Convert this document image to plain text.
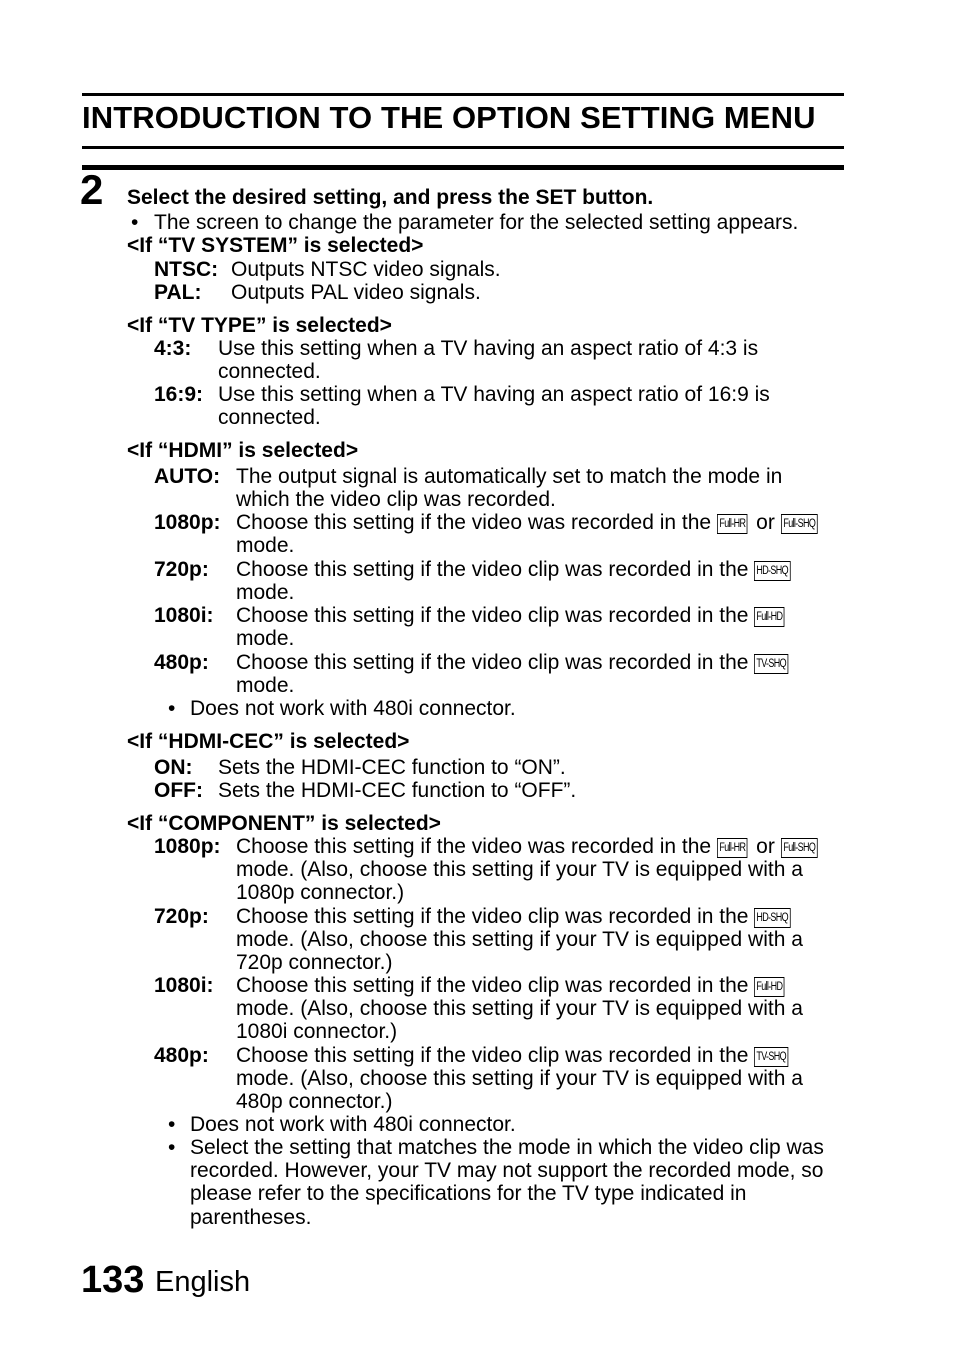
INTRODUCTION TO THE OPTION SETTING MENU
2 Select the desired setting, and press the SET button.
• The screen to change the parameter for the selected setting appears.
<If “TV SYSTEM” is selected>
NTSC: Outputs NTSC video signals.
PAL: Outputs PAL video signals.
<If “TV TYPE” is selected>
4:3: Use this setting when a TV having an aspect ratio of 4:3 is connected.
16:9: Use this setting when a TV having an aspect ratio of 16:9 is connected.
<If “HDMI” is selected>
AUTO: The output signal is automatically set to match the mode in which the video clip was recorded.
1080p: Choose this setting if the video was recorded in the Full-HR or Full-SHQ mode.
720p: Choose this setting if the video clip was recorded in the HD-SHQ mode.
1080i: Choose this setting if the video clip was recorded in the Full-HD mode.
480p: Choose this setting if the video clip was recorded in the TV-SHQ mode.
• Does not work with 480i connector.
<If “HDMI-CEC” is selected>
ON: Sets the HDMI-CEC function to “ON”.
OFF: Sets the HDMI-CEC function to “OFF”.
<If “COMPONENT” is selected>
1080p: Choose this setting if the video was recorded in the Full-HR or Full-SHQ mode. (Also, choose this setting if your TV is equipped with a 1080p connector.)
720p: Choose this setting if the video clip was recorded in the HD-SHQ mode. (Also, choose this setting if your TV is equipped with a 720p connector.)
1080i: Choose this setting if the video clip was recorded in the Full-HD mode. (Also, choose this setting if your TV is equipped with a 1080i connector.)
480p: Choose this setting if the video clip was recorded in the TV-SHQ mode. (Also, choose this setting if your TV is equipped with a 480p connector.)
• Does not work with 480i connector.
• Select the setting that matches the mode in which the video clip was recorded. However, your TV may not support the recorded mode, so please refer to the specifications for the TV type indicated in parentheses.
133 English
